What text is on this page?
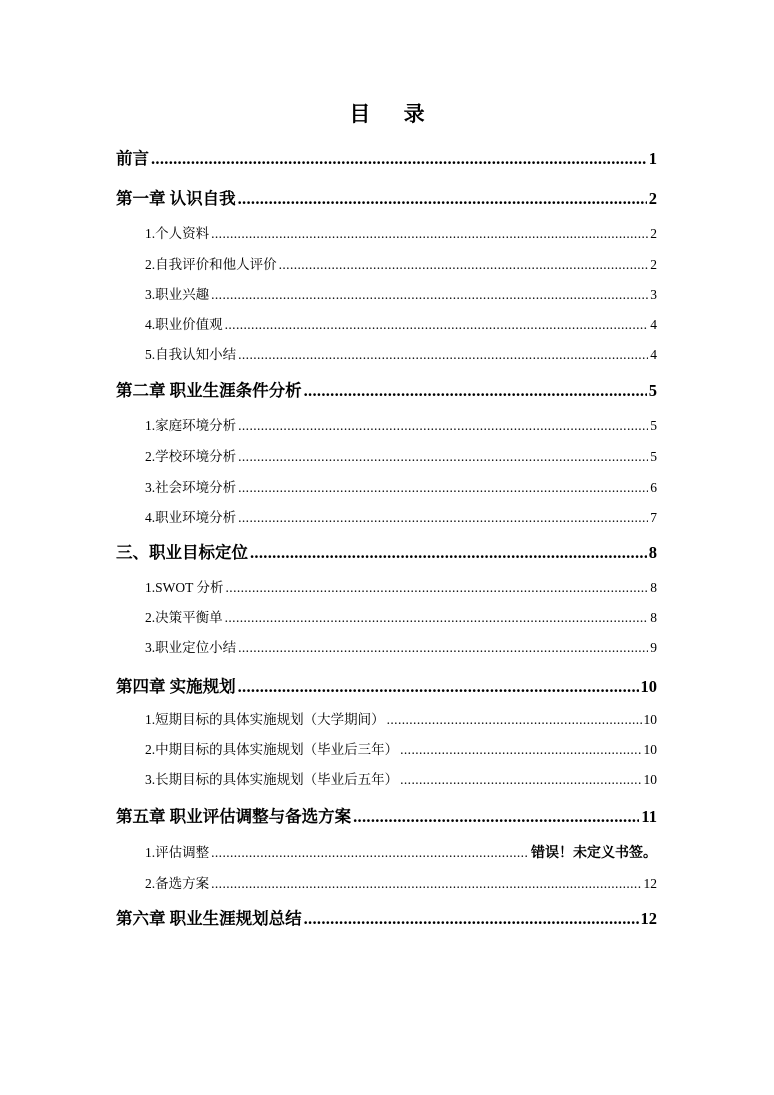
目 录
前言 .....	1
第一章 认识自我 .....	2
1.个人资料 .....	2
2.自我评价和他人评价 .....	2
3.职业兴趣 .....	3
4.职业价值观 .....	4
5.自我认知小结 .....	4
第二章 职业生涯条件分析 .....	5
1.家庭环境分析 .....	5
2.学校环境分析 .....	5
3.社会环境分析 .....	6
4.职业环境分析 .....	7
三、职业目标定位 .....	8
1.SWOT 分析 .....	8
2.决策平衡单 .....	8
3.职业定位小结 .....	9
第四章 实施规划 .....	10
1.短期目标的具体实施规划（大学期间） .....	10
2.中期目标的具体实施规划（毕业后三年） .....	10
3.长期目标的具体实施规划（毕业后五年） .....	10
第五章 职业评估调整与备选方案 .....	11
1.评估调整 .....	错误！未定义书签。
2.备选方案 .....	12
第六章 职业生涯规划总结 .....	12
